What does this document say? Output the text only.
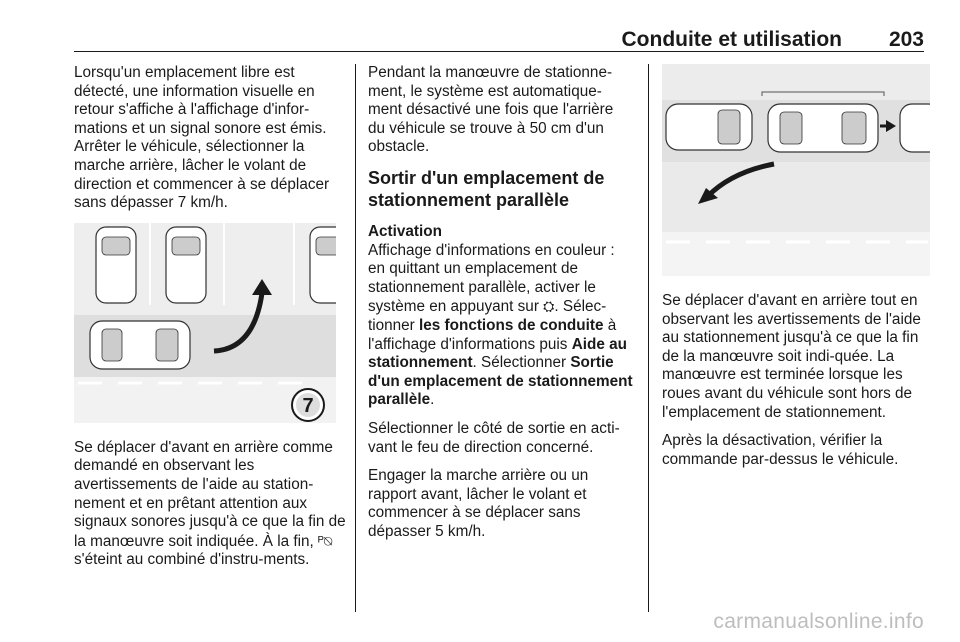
Conduite et utilisation 203

Lorsqu'un emplacement libre est détecté, une information visuelle en retour s'affiche à l'affichage d'infor-mations et un signal sonore est émis. Arrêter le véhicule, sélectionner la marche arrière, lâcher le volant de direction et commencer à se déplacer sans dépasser 7 km/h.

7

Se déplacer d'avant en arrière comme demandé en observant les avertissements de l'aide au station-nement et en prêtant attention aux signaux sonores jusqu'à ce que la fin de la manœuvre soit indiquée. À la fin, ᴾ⍉ s'éteint au combiné d'instru-ments.

Pendant la manœuvre de stationne-ment, le système est automatique-ment désactivé une fois que l'arrière du véhicule se trouve à 50 cm d'un obstacle.

Sortir d'un emplacement de stationnement parallèle
Activation

Affichage d'informations en couleur : en quittant un emplacement de stationnement parallèle, activer le système en appuyant sur ⛭. Sélec-tionner les fonctions de conduite à l'affichage d'informations puis Aide au stationnement. Sélectionner Sortie d'un emplacement de stationnement parallèle.

Sélectionner le côté de sortie en acti-vant le feu de direction concerné.

Engager la marche arrière ou un rapport avant, lâcher le volant et commencer à se déplacer sans dépasser 5 km/h.

Se déplacer d'avant en arrière tout en observant les avertissements de l'aide au stationnement jusqu'à ce que la fin de la manœuvre soit indi-quée. La manœuvre est terminée lorsque les roues avant du véhicule sont hors de l'emplacement de stationnement.

Après la désactivation, vérifier la commande par-dessus le véhicule.

carmanualsonline.info
